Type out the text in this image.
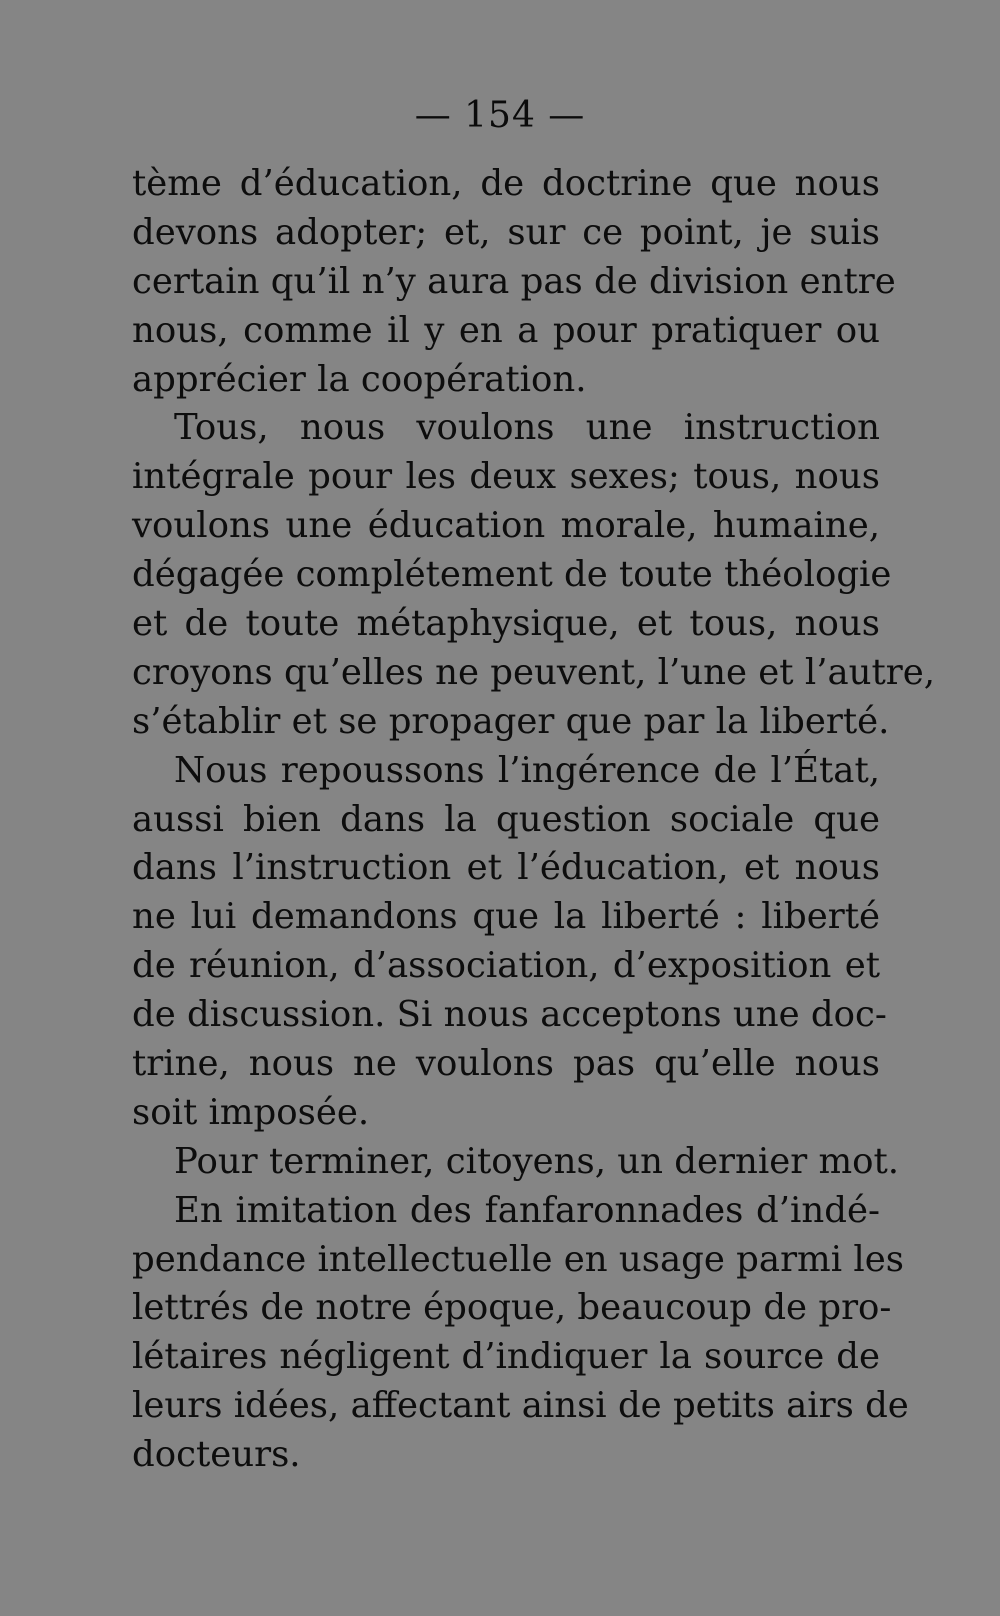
— 154 —
tème d’éducation, de doctrine que nous
devons adopter; et, sur ce point, je suis
certain qu’il n’y aura pas de division entre
nous, comme il y en a pour pratiquer ou
apprécier la coopération.
Tous, nous voulons une instruction
intégrale pour les deux sexes; tous, nous
voulons une éducation morale, humaine,
dégagée complétement de toute théologie
et de toute métaphysique, et tous, nous
croyons qu’elles ne peuvent, l’une et l’autre,
s’établir et se propager que par la liberté.
Nous repoussons l’ingérence de l’État,
aussi bien dans la question sociale que
dans l’instruction et l’éducation, et nous
ne lui demandons que la liberté : liberté
de réunion, d’association, d’exposition et
de discussion. Si nous acceptons une doc-
trine, nous ne voulons pas qu’elle nous
soit imposée.
Pour terminer, citoyens, un dernier mot.
En imitation des fanfaronnades d’indé-
pendance intellectuelle en usage parmi les
lettrés de notre époque, beaucoup de pro-
létaires négligent d’indiquer la source de
leurs idées, affectant ainsi de petits airs de
docteurs.
